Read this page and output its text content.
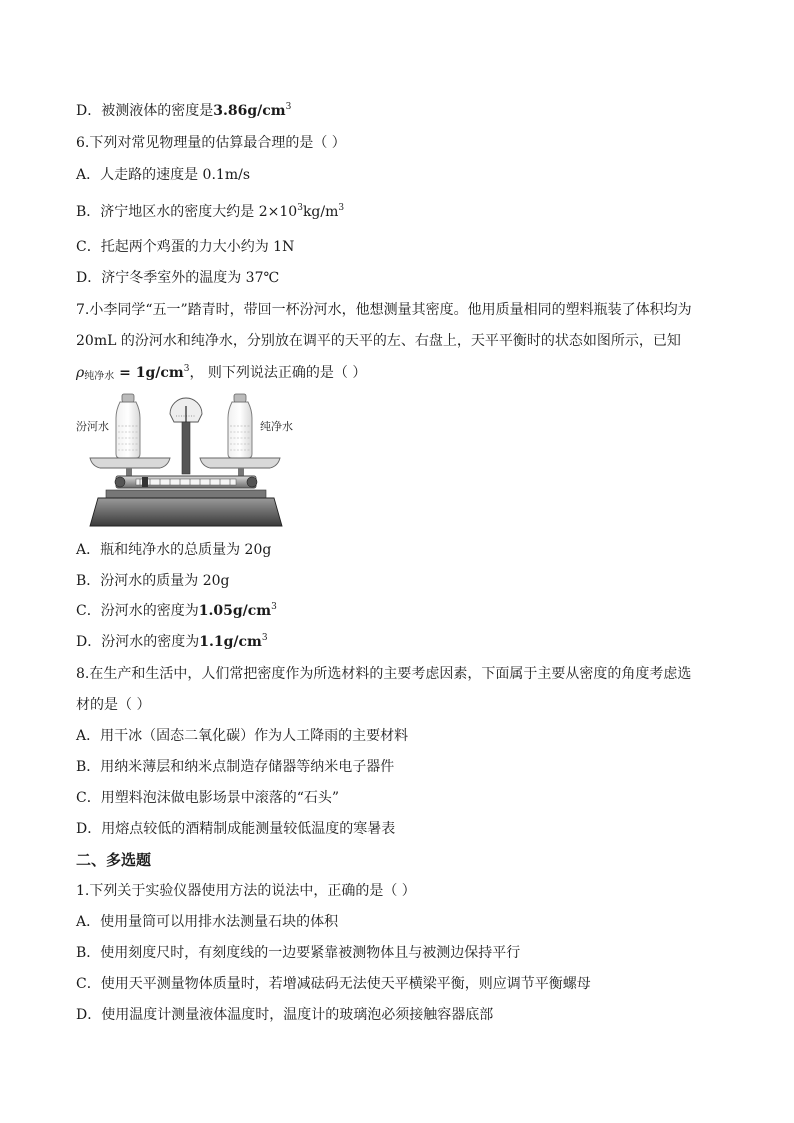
D．被测液体的密度是$3.86g/cm^3$
6.下列对常见物理量的估算最合理的是（ ）
A．人走路的速度是 0.1m/s
B．济宁地区水的密度大约是 $2\times 10^3kg/m^3$
C．托起两个鸡蛋的力大小约为 1N
D．济宁冬季室外的温度为 37℃
7.小李同学“五一”踏青时，带回一杯汾河水，他想测量其密度。他用质量相同的塑料瓶装了体积均为
20mL 的汾河水和纯净水，分别放在调平的天平的左、右盘上，天平平衡时的状态如图所示，已知
$\rho_{纯净水} = 1g/cm^3$， 则下列说法正确的是（ ）
汾河水	纯净水
A．瓶和纯净水的总质量为 20g
B．汾河水的质量为 20g
C．汾河水的密度为$1.05g/cm^3$
D．汾河水的密度为$1.1g/cm^3$
8.在生产和生活中，人们常把密度作为所选材料的主要考虑因素，下面属于主要从密度的角度考虑选
材的是（ ）
A．用干冰（固态二氧化碳）作为人工降雨的主要材料
B．用纳米薄层和纳米点制造存储器等纳米电子器件
C．用塑料泡沫做电影场景中滚落的“石头”
D．用熔点较低的酒精制成能测量较低温度的寒暑表
二、多选题
1.下列关于实验仪器使用方法的说法中，正确的是（ ）
A．使用量筒可以用排水法测量石块的体积
B．使用刻度尺时，有刻度线的一边要紧靠被测物体且与被测边保持平行
C．使用天平测量物体质量时，若增减砝码无法使天平横梁平衡，则应调节平衡螺母
D．使用温度计测量液体温度时，温度计的玻璃泡必须接触容器底部
